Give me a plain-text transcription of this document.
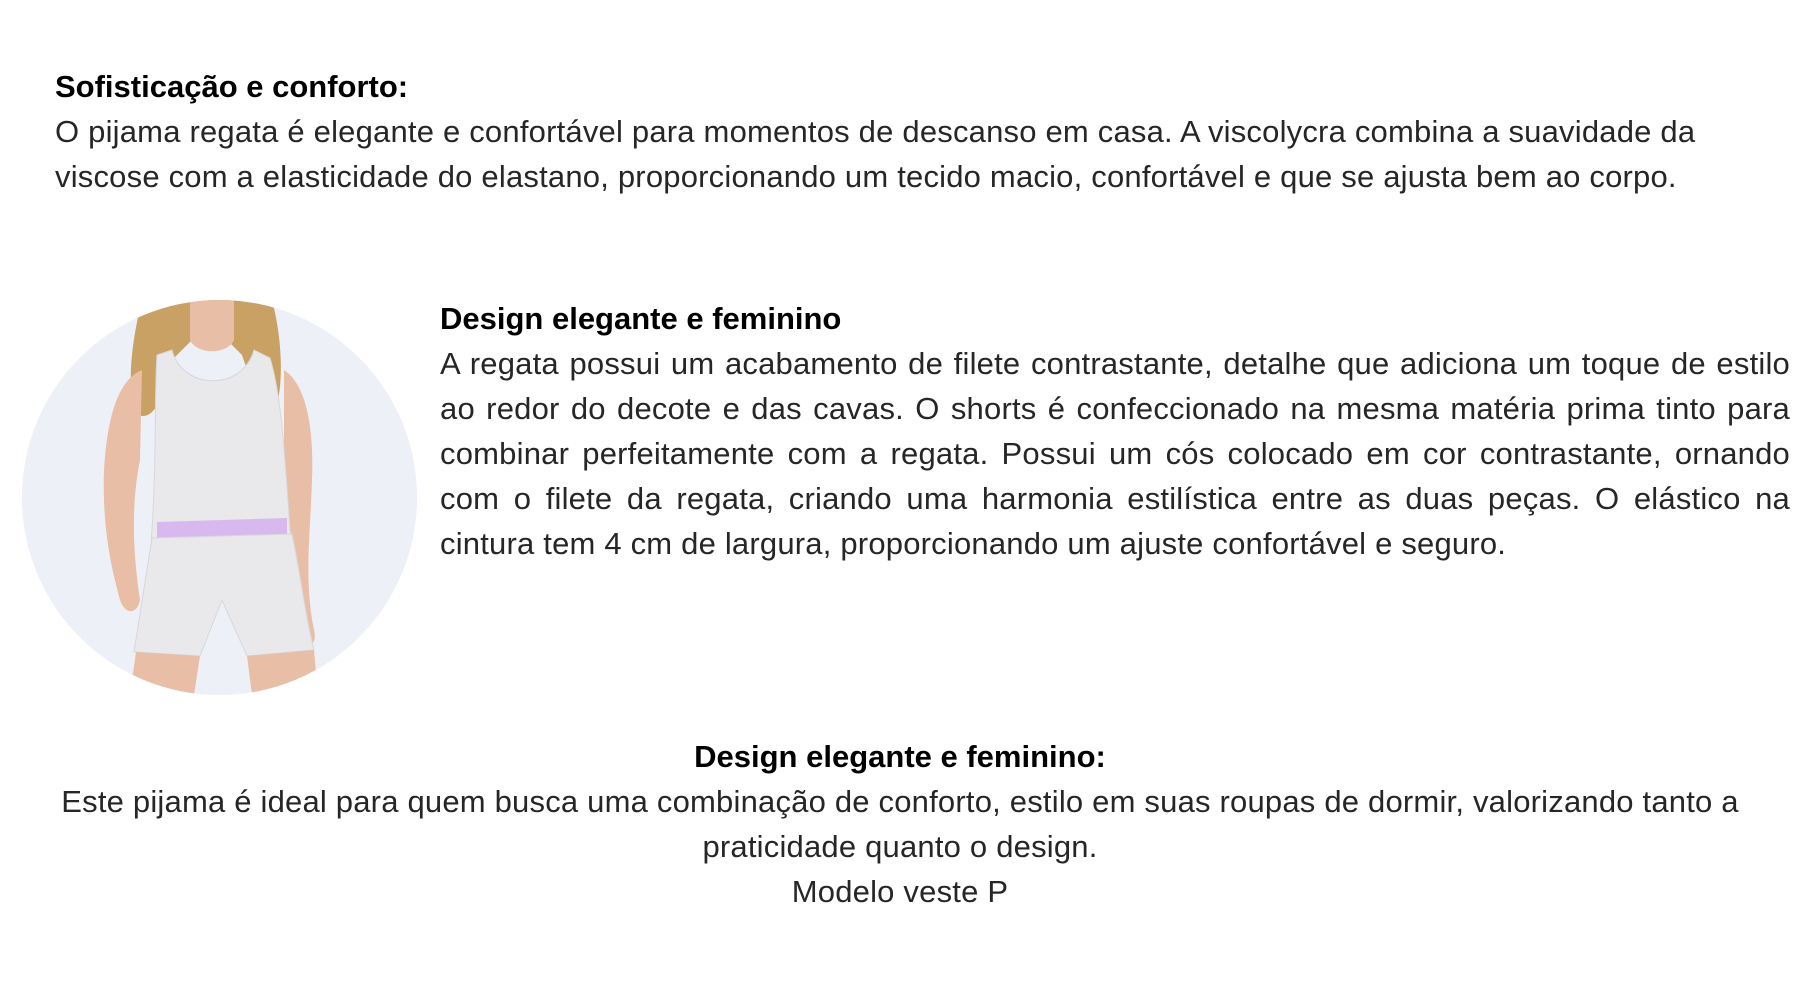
Sofisticação e conforto:

O pijama regata é elegante e confortável para momentos de descanso em casa. A viscolycra combina a suavidade da viscose com a elasticidade do elastano, proporcionando um tecido macio, confortável e que se ajusta bem ao corpo.

Design elegante e feminino

A regata possui um acabamento de filete contrastante, detalhe que adiciona um toque de estilo ao redor do decote e das cavas. O shorts é confeccionado na mesma matéria prima tinto para combinar perfeitamente com a regata. Possui um cós colocado em cor contrastante, ornando com o filete da regata, criando uma harmonia estilística entre as duas peças. O elástico na cintura tem 4 cm de largura, proporcionando um ajuste confortável e seguro.

Design elegante e feminino:

Este pijama é ideal para quem busca uma combinação de conforto, estilo em suas roupas de dormir, valorizando tanto a praticidade quanto o design.

Modelo veste P
